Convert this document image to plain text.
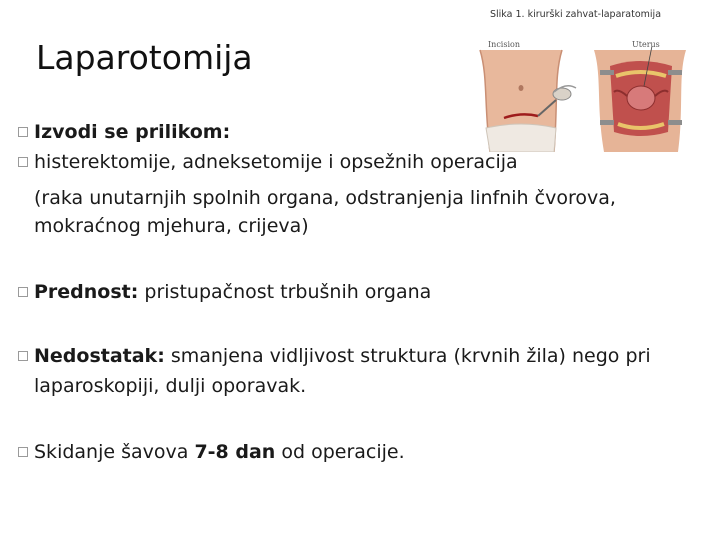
Slika 1. kirurški zahvat-laparatomija
Laparotomija	Incision	Uterus
Izvodi se prilikom:
histerektomije, adneksetomije i opsežnih operacija
(raka unutarnjih spolnih organa, odstranjenja linfnih čvorova,
mokraćnog mjehura, crijeva)
Prednost: pristupačnost trbušnih organa
Nedostatak: smanjena vidljivost struktura (krvnih žila) nego pri
laparoskopiji, dulji oporavak.
Skidanje šavova 7-8 dan od operacije.
